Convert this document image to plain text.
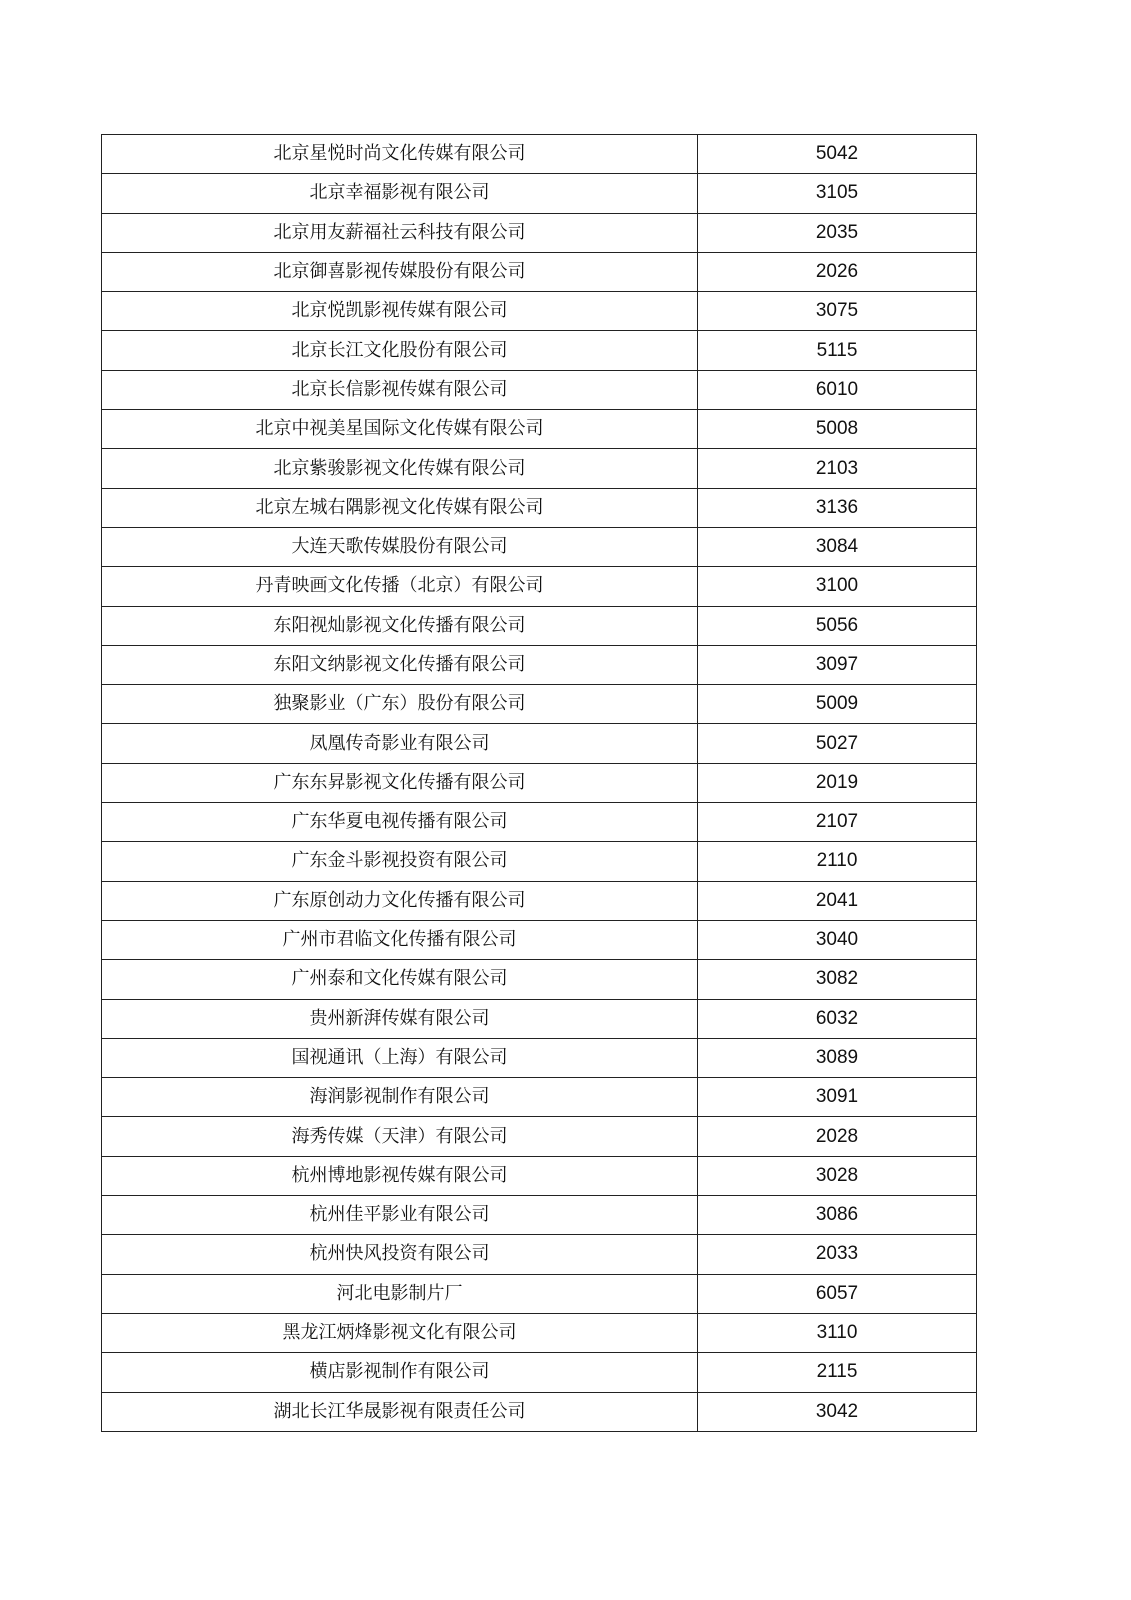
北京星悦时尚文化传媒有限公司	5042
北京幸福影视有限公司	3105
北京用友薪福社云科技有限公司	2035
北京御喜影视传媒股份有限公司	2026
北京悦凯影视传媒有限公司	3075
北京长江文化股份有限公司	5115
北京长信影视传媒有限公司	6010
北京中视美星国际文化传媒有限公司	5008
北京紫骏影视文化传媒有限公司	2103
北京左城右隅影视文化传媒有限公司	3136
大连天歌传媒股份有限公司	3084
丹青映画文化传播（北京）有限公司	3100
东阳视灿影视文化传播有限公司	5056
东阳文纳影视文化传播有限公司	3097
独聚影业（广东）股份有限公司	5009
凤凰传奇影业有限公司	5027
广东东昇影视文化传播有限公司	2019
广东华夏电视传播有限公司	2107
广东金斗影视投资有限公司	2110
广东原创动力文化传播有限公司	2041
广州市君临文化传播有限公司	3040
广州泰和文化传媒有限公司	3082
贵州新湃传媒有限公司	6032
国视通讯（上海）有限公司	3089
海润影视制作有限公司	3091
海秀传媒（天津）有限公司	2028
杭州博地影视传媒有限公司	3028
杭州佳平影业有限公司	3086
杭州快风投资有限公司	2033
河北电影制片厂	6057
黑龙江炳烽影视文化有限公司	3110
横店影视制作有限公司	2115
湖北长江华晟影视有限责任公司	3042
